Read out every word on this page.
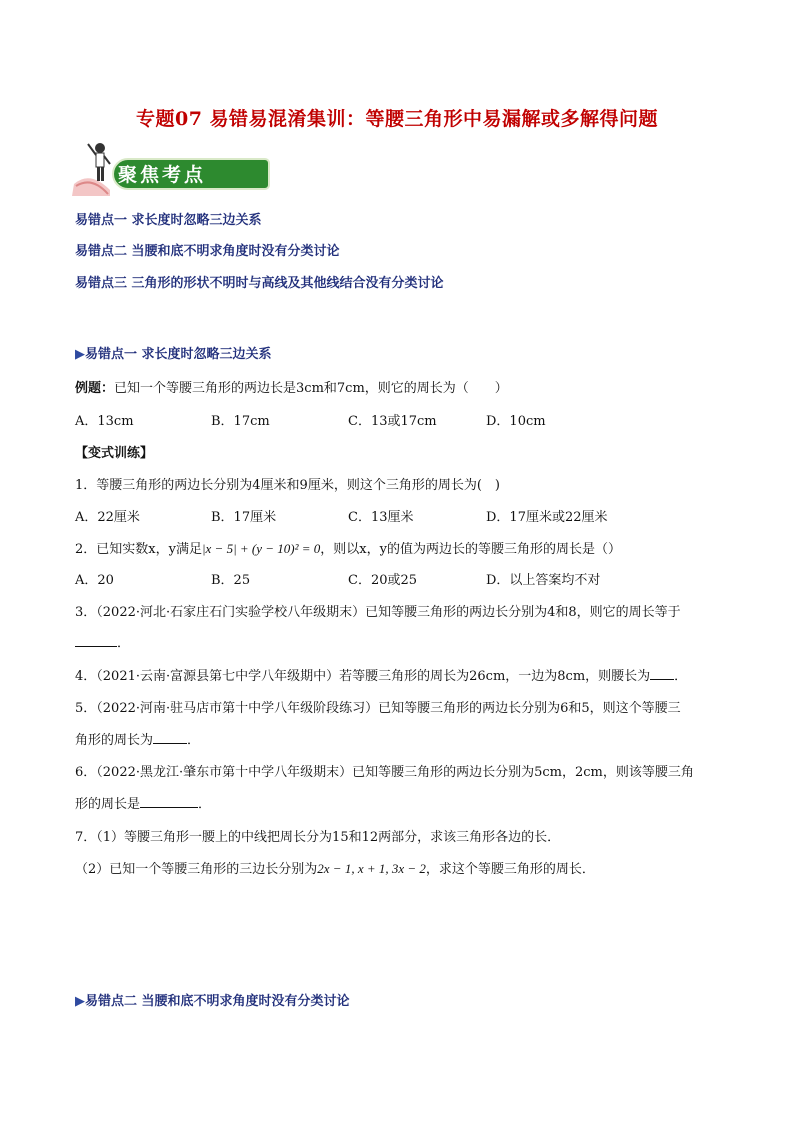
专题07 易错易混淆集训：等腰三角形中易漏解或多解得问题
聚焦考点
易错点一 求长度时忽略三边关系
易错点二 当腰和底不明求角度时没有分类讨论
易错点三 三角形的形状不明时与高线及其他线结合没有分类讨论
▶易错点一 求长度时忽略三边关系
例题：已知一个等腰三角形的两边长是3cm和7cm，则它的周长为（　　）
A．13cm	B．17cm	C．13或17cm	D．10cm
【变式训练】
1．等腰三角形的两边长分别为4厘米和9厘米，则这个三角形的周长为(　)
A．22厘米	B．17厘米	C．13厘米	D．17厘米或22厘米
2．已知实数x，y满足|x − 5| + (y − 10)² = 0，则以x，y的值为两边长的等腰三角形的周长是（）
A．20	B．25	C．20或25	D．以上答案均不对
3．（2022·河北·石家庄石门实验学校八年级期末）已知等腰三角形的两边长分别为4和8，则它的周长等于
．
4．（2021·云南·富源县第七中学八年级期中）若等腰三角形的周长为26cm，一边为8cm，则腰长为 ．
5．（2022·河南·驻马店市第十中学八年级阶段练习）已知等腰三角形的两边长分别为6和5，则这个等腰三
角形的周长为	．
6．（2022·黑龙江·肇东市第十中学八年级期末）已知等腰三角形的两边长分别为5cm，2cm，则该等腰三角
形的周长是	．
7．（1）等腰三角形一腰上的中线把周长分为15和12两部分，求该三角形各边的长．
（2）已知一个等腰三角形的三边长分别为2x − 1, x + 1, 3x − 2，求这个等腰三角形的周长．
▶易错点二 当腰和底不明求角度时没有分类讨论
